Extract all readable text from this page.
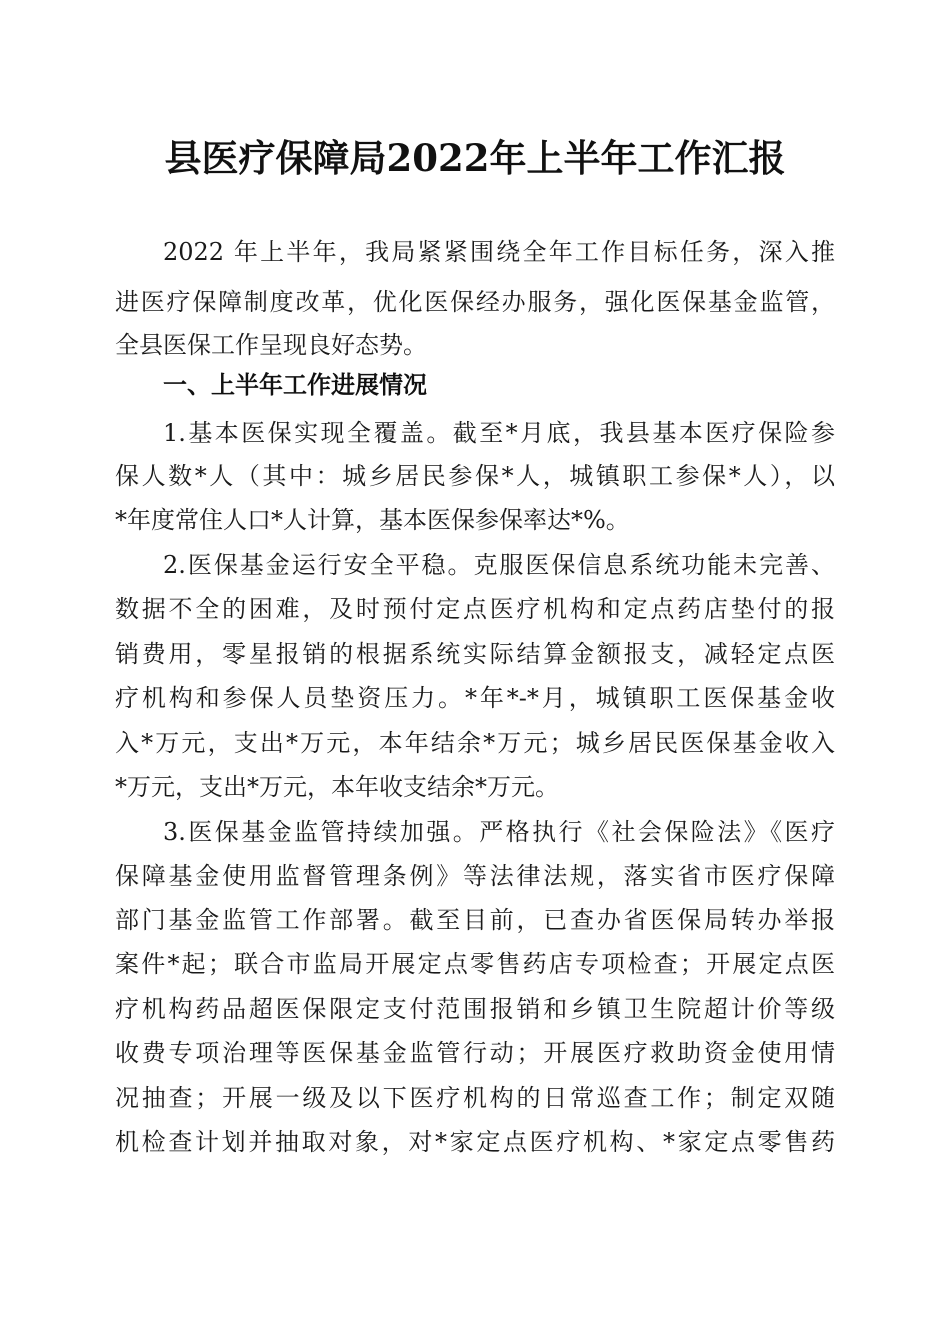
县医疗保障局2022年上半年工作汇报
2022 年上半年，我局紧紧围绕全年工作目标任务，深入推
进医疗保障制度改革，优化医保经办服务，强化医保基金监管，
全县医保工作呈现良好态势。
一、上半年工作进展情况
1.基本医保实现全覆盖。截至*月底，我县基本医疗保险参
保人数*人（其中：城乡居民参保*人，城镇职工参保*人），以
*年度常住人口*人计算，基本医保参保率达*%。
2.医保基金运行安全平稳。克服医保信息系统功能未完善、
数据不全的困难，及时预付定点医疗机构和定点药店垫付的报
销费用，零星报销的根据系统实际结算金额报支，减轻定点医
疗机构和参保人员垫资压力。*年*-*月，城镇职工医保基金收
入*万元，支出*万元，本年结余*万元；城乡居民医保基金收入
*万元，支出*万元，本年收支结余*万元。
3.医保基金监管持续加强。严格执行《社会保险法》《医疗
保障基金使用监督管理条例》等法律法规，落实省市医疗保障
部门基金监管工作部署。截至目前，已查办省医保局转办举报
案件*起；联合市监局开展定点零售药店专项检查；开展定点医
疗机构药品超医保限定支付范围报销和乡镇卫生院超计价等级
收费专项治理等医保基金监管行动；开展医疗救助资金使用情
况抽查；开展一级及以下医疗机构的日常巡查工作；制定双随
机检查计划并抽取对象，对*家定点医疗机构、*家定点零售药
